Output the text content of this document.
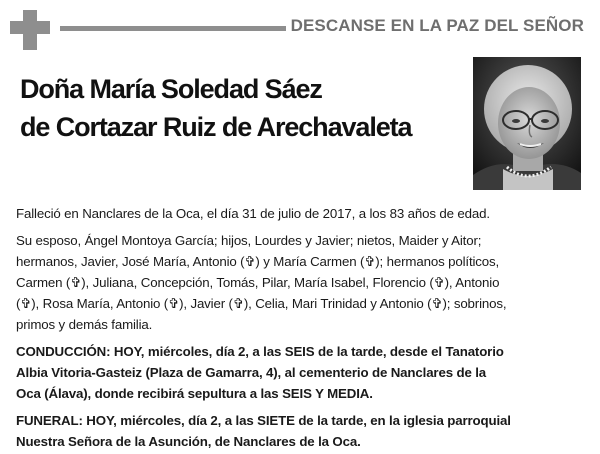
DESCANSE EN LA PAZ DEL SEÑOR
Doña María Soledad Sáez
de Cortazar Ruiz de Arechavaleta

Falleció en Nanclares de la Oca, el día 31 de julio de 2017, a los 83 años de edad.

Su esposo, Ángel Montoya García; hijos, Lourdes y Javier; nietos, Maider y Aitor;
hermanos, Javier, José María, Antonio (✞) y María Carmen (✞); hermanos políticos,
Carmen (✞), Juliana, Concepción, Tomás, Pilar, María Isabel, Florencio (✞), Antonio
(✞), Rosa María, Antonio (✞), Javier (✞), Celia, Mari Trinidad y Antonio (✞); sobrinos,
primos y demás familia.

CONDUCCIÓN: HOY, miércoles, día 2, a las SEIS de la tarde, desde el Tanatorio
Albia Vitoria-Gasteiz (Plaza de Gamarra, 4), al cementerio de Nanclares de la
Oca (Álava), donde recibirá sepultura a las SEIS Y MEDIA.

FUNERAL: HOY, miércoles, día 2, a las SIETE de la tarde, en la iglesia parroquial
Nuestra Señora de la Asunción, de Nanclares de la Oca.
